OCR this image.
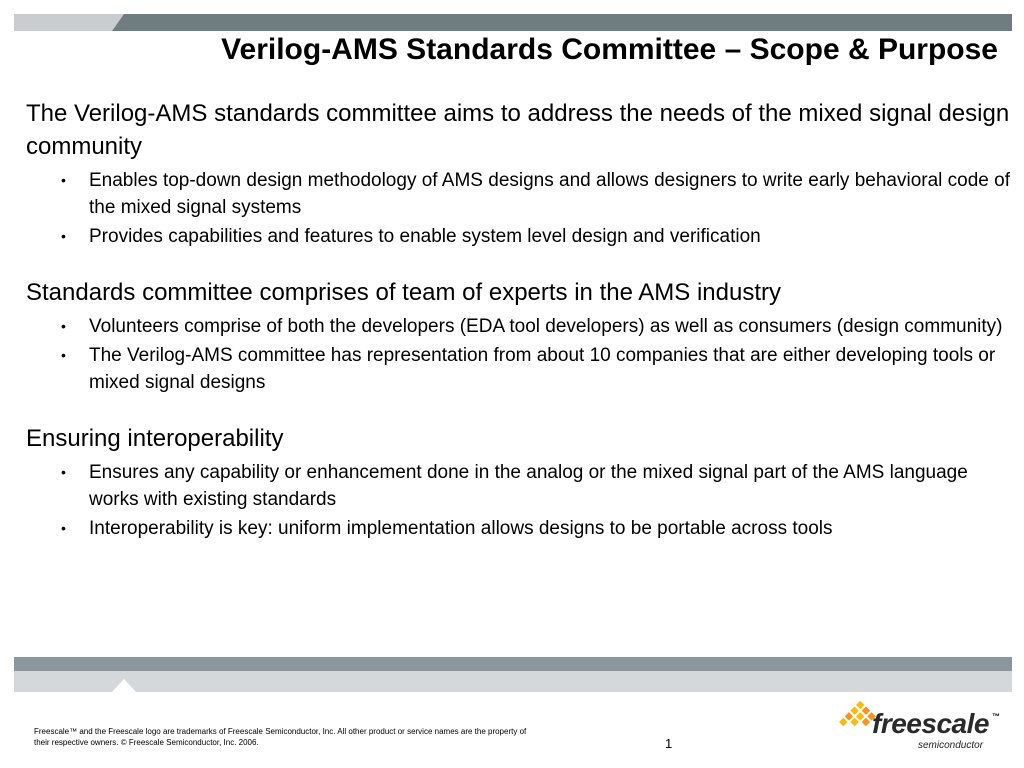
Verilog-AMS Standards Committee – Scope & Purpose

The Verilog-AMS standards committee aims to address the needs of the mixed signal design community

• Enables top-down design methodology of AMS designs and allows designers to write early behavioral code of the mixed signal systems
• Provides capabilities and features to enable system level design and verification

Standards committee comprises of team of experts in the AMS industry

• Volunteers comprise of both the developers (EDA tool developers) as well as consumers (design community)
• The Verilog-AMS committee has representation from about 10 companies that are either developing tools or mixed signal designs

Ensuring interoperability

• Ensures any capability or enhancement done in the analog or the mixed signal part of the AMS language works with existing standards
• Interoperability is key: uniform implementation allows designs to be portable across tools
Freescale™ and the Freescale logo are trademarks of Freescale Semiconductor, Inc. All other product or service names are the property of their respective owners. © Freescale Semiconductor, Inc. 2006.	1
freescale ™
semiconductor
